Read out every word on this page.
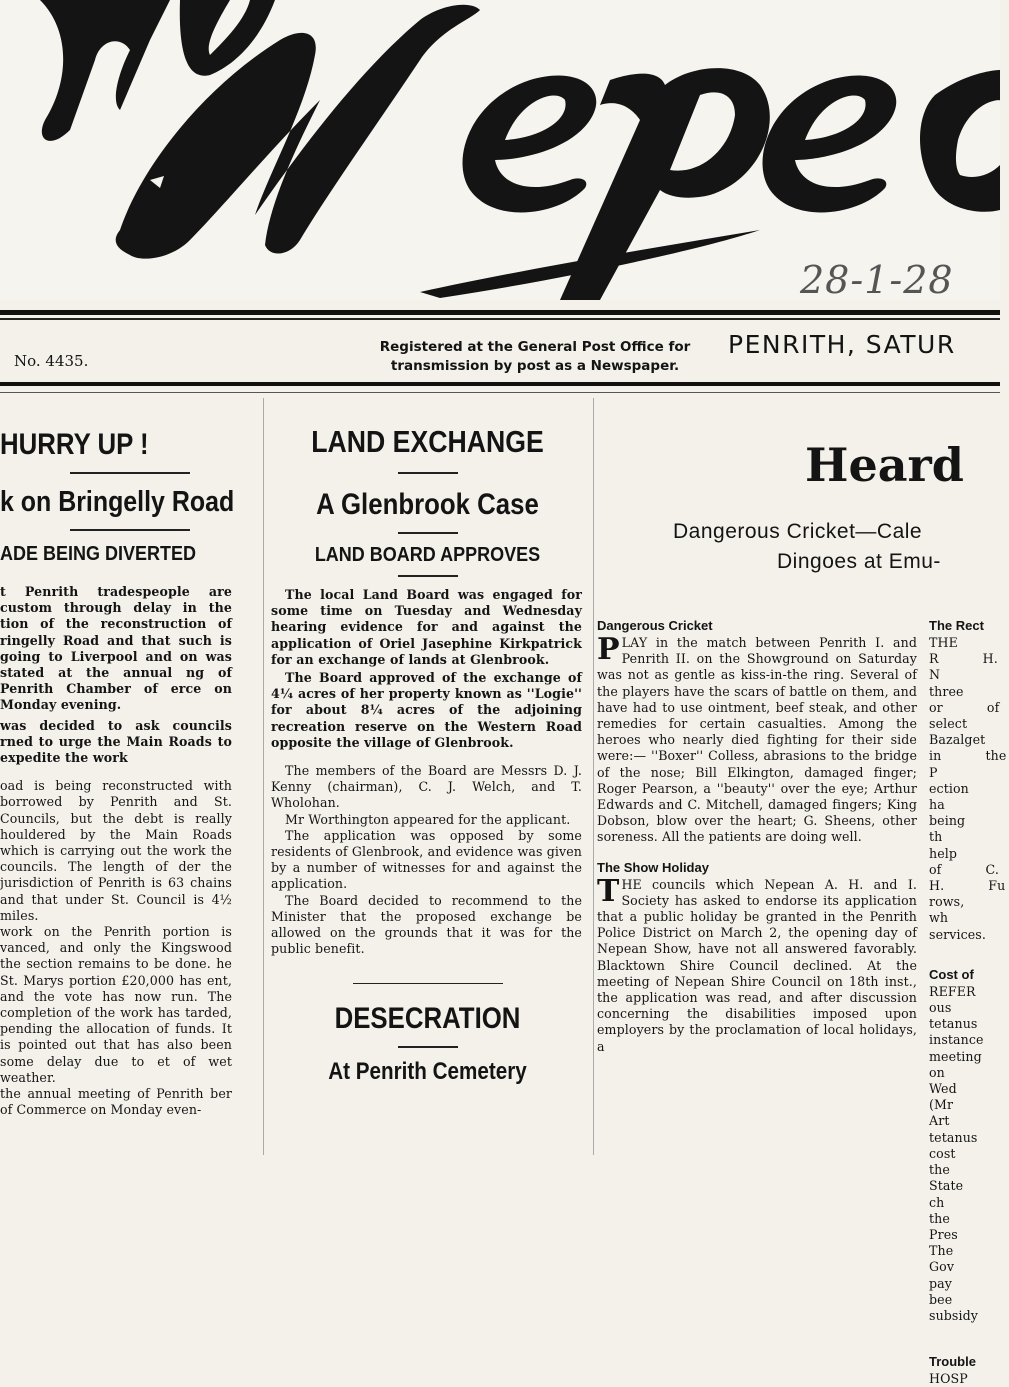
28-1-28
No. 4435.
Registered at the General Post Office for
transmission by post as a Newspaper.
PENRITH, SATUR
HURRY UP !
k on Bringelly Road
ADE BEING DIVERTED

t Penrith tradespeople are custom through delay in the tion of the reconstruction of ringelly Road and that such is going to Liverpool and on was stated at the annual ng of Penrith Chamber of erce on Monday evening.

was decided to ask councils rned to urge the Main Roads to expedite the work

oad is being reconstructed with borrowed by Penrith and St. Councils, but the debt is really houldered by the Main Roads which is carrying out the work the councils. The length of der the jurisdiction of Penrith is 63 chains and that under St. Council is 4½ miles.

work on the Penrith portion is vanced, and only the Kingswood the section remains to be done. he St. Marys portion £20,000 has ent, and the vote has now run. The completion of the work has tarded, pending the allocation of funds. It is pointed out that has also been some delay due to et of wet weather.

the annual meeting of Penrith ber of Commerce on Monday even-

LAND EXCHANGE
A Glenbrook Case
LAND BOARD APPROVES

The local Land Board was engaged for some time on Tuesday and Wednesday hearing evidence for and against the application of Oriel Jasephine Kirkpatrick for an exchange of lands at Glenbrook.

The Board approved of the exchange of 4¼ acres of her property known as ''Logie'' for about 8¼ acres of the adjoining recreation reserve on the Western Road opposite the village of Glenbrook.

The members of the Board are Messrs D. J. Kenny (chairman), C. J. Welch, and T. Wholohan.

Mr Worthington appeared for the applicant.

The application was opposed by some residents of Glenbrook, and evidence was given by a number of witnesses for and against the application.

The Board decided to recommend to the Minister that the proposed exchange be allowed on the grounds that it was for the public benefit.

DESECRATION
At Penrith Cemetery
Heard
Dangerous Cricket—Cale
Dingoes at Emu-
Dangerous Cricket

PLAY in the match between Penrith I. and Penrith II. on the Showground on Saturday was not as gentle as kiss-in-the ring. Several of the players have the scars of battle on them, and have had to use ointment, beef steak, and other remedies for certain casualties. Among the heroes who nearly died fighting for their side were:— ''Boxer'' Colless, abrasions to the bridge of the nose; Bill Elkington, damaged finger; Roger Pearson, a ''beauty'' over the eye; Arthur Edwards and C. Mitchell, damaged fingers; King Dobson, blow over the heart; G. Sheens, other soreness. All the patients are doing well.

The Show Holiday

THE councils which Nepean A. H. and I. Society has asked to endorse its application that a public holiday be granted in the Penrith Police District on March 2, the opening day of Nepean Show, have not all answered favorably. Blacktown Shire Council declined. At the meeting of Nepean Shire Council on 18th inst., the application was read, and after discussion concerning the disabilities imposed upon employers by the proclamation of local holidays, a

The Rect

THE R H. N three or of select Bazalget in the P ection ha being th help of C. H. Fu rows, wh services.

Cost of

REFER ous tetanus instance meeting on Wed (Mr Art tetanus cost the State ch the Pres The Gov pay bee subsidy

Trouble

HOSP
